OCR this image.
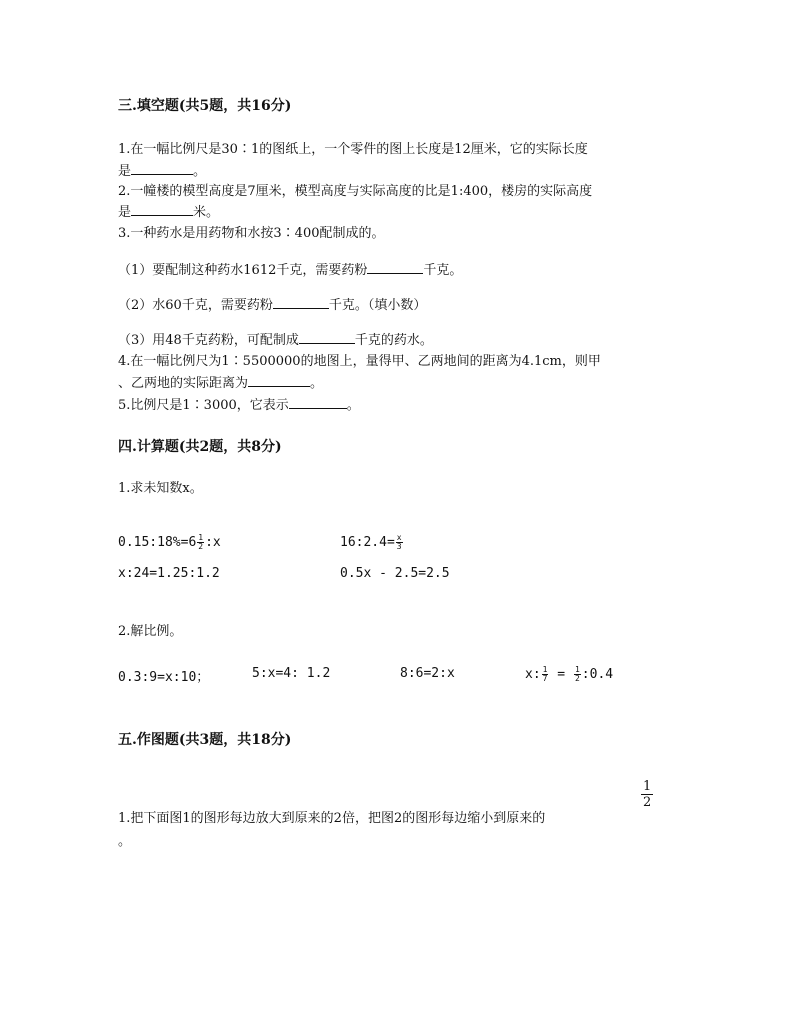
三.填空题(共5题，共16分)
1.在一幅比例尺是30∶1的图纸上，一个零件的图上长度是12厘米，它的实际长度
是	。
2.一幢楼的模型高度是7厘米，模型高度与实际高度的比是1:400，楼房的实际高度
是	米。
3.一种药水是用药物和水按3∶400配制成的。
（1）要配制这种药水1612千克，需要药粉	千克。
（2）水60千克，需要药粉	千克。（填小数）
（3）用48千克药粉，可配制成	千克的药水。
4.在一幅比例尺为1∶5500000的地图上，量得甲、乙两地间的距离为4.1cm，则甲
、乙两地的实际距离为	。
5.比例尺是1∶3000，它表示	。
四.计算题(共2题，共8分)
1.求未知数x。
0.15:18%=6 $\frac{1}{2}$ :x	16:2.4= $\frac{x}{3}$
x:24=1.25:1.2	0.5x - 2.5=2.5
2.解比例。
0.3:9=x:10；	5:x=4: 1.2	8:6=2:x	x: $\frac{1}{7} = \frac{1}{2}$ :0.4
五.作图题(共3题，共18分)
$\frac{1}{2}$
1.把下面图1的图形每边放大到原来的2倍，把图2的图形每边缩小到原来的
。
